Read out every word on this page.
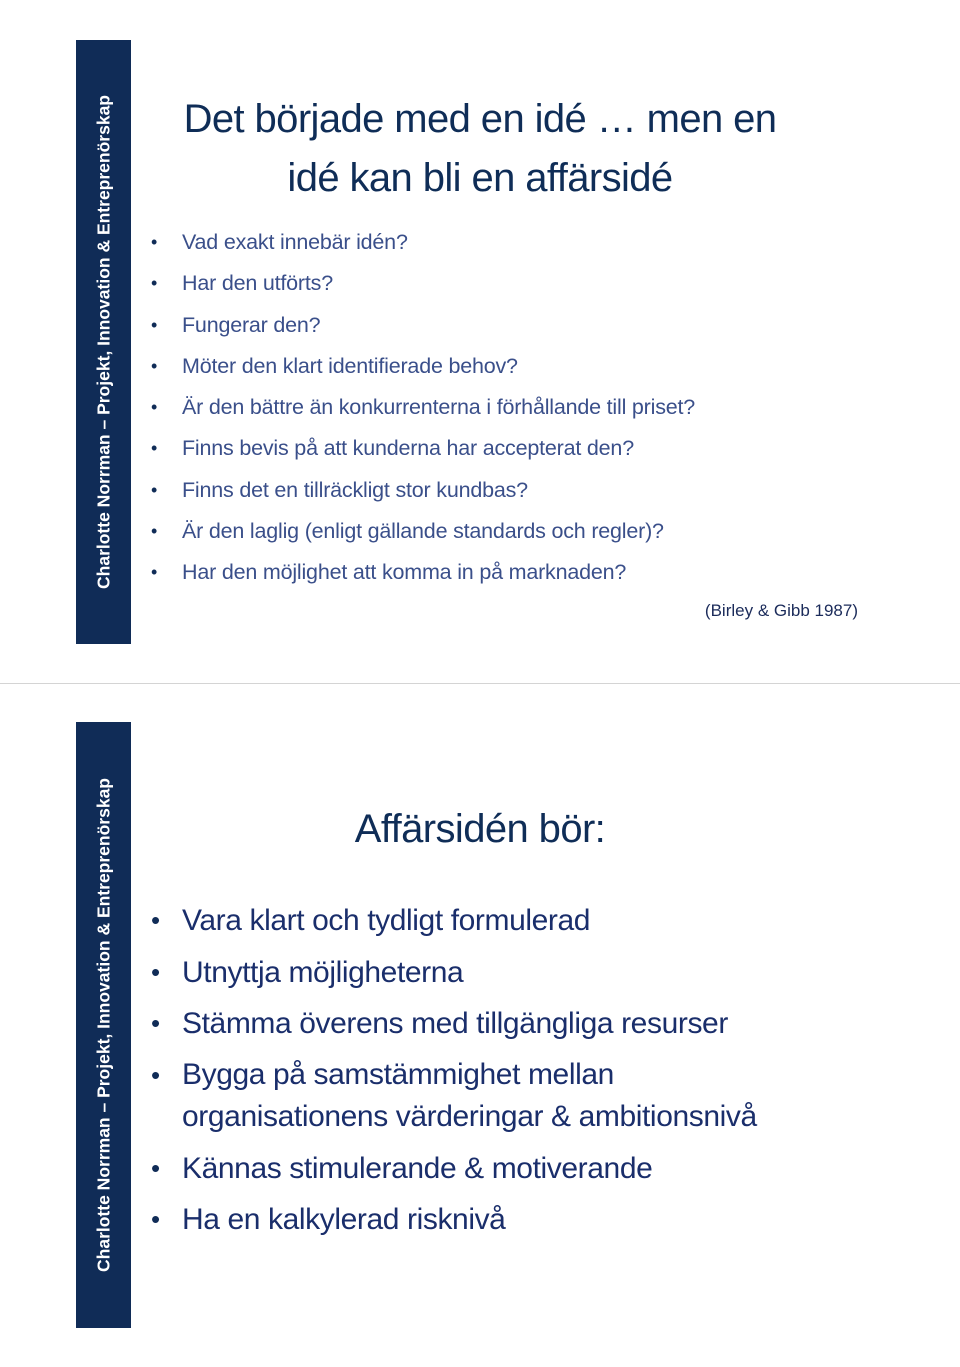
Charlotte Norrman – Projekt, Innovation & Entreprenörskap	Det började med en idé … men en
idé kan bli en affärsidé
• Vad exakt innebär idén?
• Har den utförts?
• Fungerar den?
• Möter den klart identifierade behov?
• Är den bättre än konkurrenterna i förhållande till priset?
• Finns bevis på att kunderna har accepterat den?
• Finns det en tillräckligt stor kundbas?
• Är den laglig (enligt gällande standards och regler)?
• Har den möjlighet att komma in på marknaden?

(Birley & Gibb 1987)

Charlotte Norrman – Projekt, Innovation & Entreprenörskap	Affärsidén bör:
• Vara klart och tydligt formulerad
• Utnyttja möjligheterna
• Stämma överens med tillgängliga resurser
• Bygga på samstämmighet mellan organisationens värderingar & ambitionsnivå
• Kännas stimulerande & motiverande
• Ha en kalkylerad risknivå
